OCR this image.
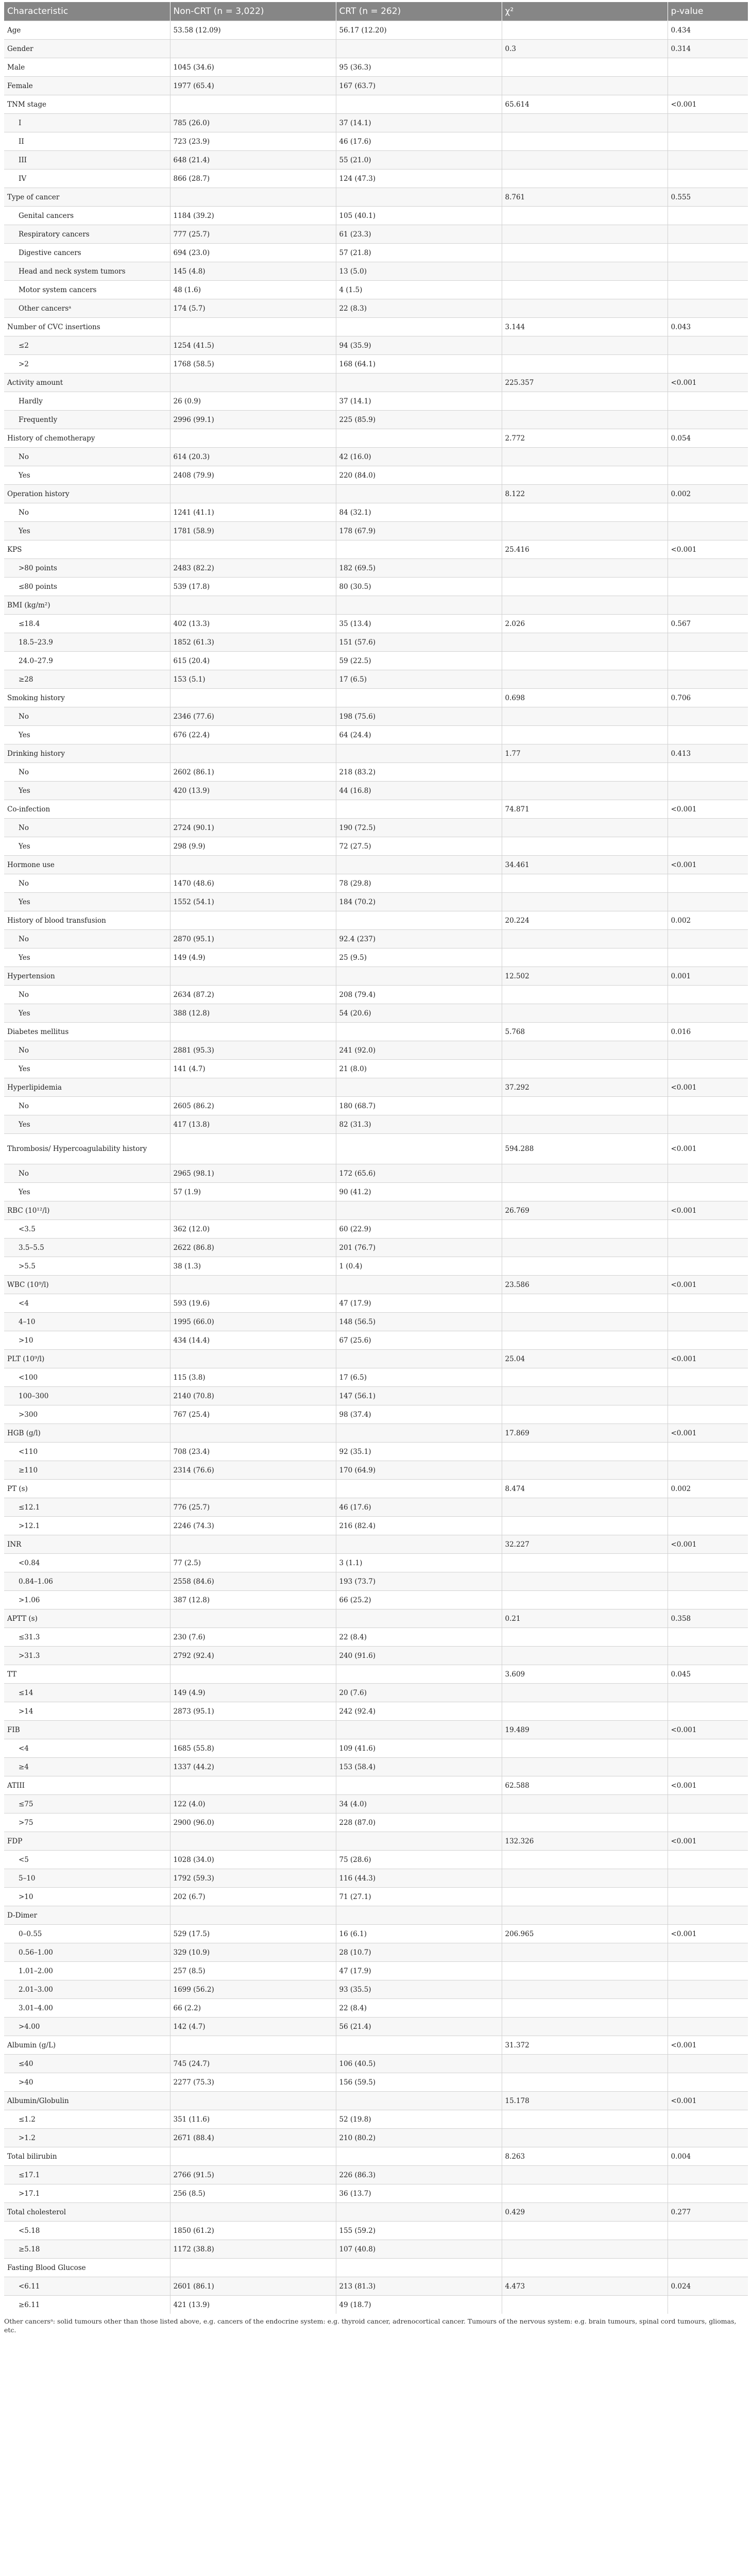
Characteristic	Non-CRT (n = 3,022)	CRT (n = 262)	χ²	p-value
Age	53.58 (12.09)	56.17 (12.20)		0.434
Gender			0.3	0.314
Male	1045 (34.6)	95 (36.3)		
Female	1977 (65.4)	167 (63.7)		
TNM stage			65.614	<0.001
I	785 (26.0)	37 (14.1)		
II	723 (23.9)	46 (17.6)		
III	648 (21.4)	55 (21.0)		
IV	866 (28.7)	124 (47.3)		
Type of cancer			8.761	0.555
Genital cancers	1184 (39.2)	105 (40.1)		
Respiratory cancers	777 (25.7)	61 (23.3)		
Digestive cancers	694 (23.0)	57 (21.8)		
Head and neck system tumors	145 (4.8)	13 (5.0)		
Motor system cancers	48 (1.6)	4 (1.5)		
Other cancersᵃ	174 (5.7)	22 (8.3)		
Number of CVC insertions			3.144	0.043
≤2	1254 (41.5)	94 (35.9)		
>2	1768 (58.5)	168 (64.1)		
Activity amount			225.357	<0.001
Hardly	26 (0.9)	37 (14.1)		
Frequently	2996 (99.1)	225 (85.9)		
History of chemotherapy			2.772	0.054
No	614 (20.3)	42 (16.0)		
Yes	2408 (79.9)	220 (84.0)		
Operation history			8.122	0.002
No	1241 (41.1)	84 (32.1)		
Yes	1781 (58.9)	178 (67.9)		
KPS			25.416	<0.001
>80 points	2483 (82.2)	182 (69.5)		
≤80 points	539 (17.8)	80 (30.5)		
BMI (kg/m²)				
≤18.4	402 (13.3)	35 (13.4)	2.026	0.567
18.5–23.9	1852 (61.3)	151 (57.6)		
24.0–27.9	615 (20.4)	59 (22.5)		
≥28	153 (5.1)	17 (6.5)		
Smoking history			0.698	0.706
No	2346 (77.6)	198 (75.6)		
Yes	676 (22.4)	64 (24.4)		
Drinking history			1.77	0.413
No	2602 (86.1)	218 (83.2)		
Yes	420 (13.9)	44 (16.8)		
Co-infection			74.871	<0.001
No	2724 (90.1)	190 (72.5)		
Yes	298 (9.9)	72 (27.5)		
Hormone use			34.461	<0.001
No	1470 (48.6)	78 (29.8)		
Yes	1552 (54.1)	184 (70.2)		
History of blood transfusion			20.224	0.002
No	2870 (95.1)	92.4 (237)		
Yes	149 (4.9)	25 (9.5)		
Hypertension			12.502	0.001
No	2634 (87.2)	208 (79.4)		
Yes	388 (12.8)	54 (20.6)		
Diabetes mellitus			5.768	0.016
No	2881 (95.3)	241 (92.0)		
Yes	141 (4.7)	21 (8.0)		
Hyperlipidemia			37.292	<0.001
No	2605 (86.2)	180 (68.7)		
Yes	417 (13.8)	82 (31.3)		
Thrombosis/ Hypercoagulability history			594.288	<0.001
No	2965 (98.1)	172 (65.6)		
Yes	57 (1.9)	90 (41.2)		
RBC (10¹²/l)			26.769	<0.001
<3.5	362 (12.0)	60 (22.9)		
3.5–5.5	2622 (86.8)	201 (76.7)		
>5.5	38 (1.3)	1 (0.4)		
WBC (10⁹/l)			23.586	<0.001
<4	593 (19.6)	47 (17.9)		
4–10	1995 (66.0)	148 (56.5)		
>10	434 (14.4)	67 (25.6)		
PLT (10⁹/l)			25.04	<0.001
<100	115 (3.8)	17 (6.5)		
100–300	2140 (70.8)	147 (56.1)		
>300	767 (25.4)	98 (37.4)		
HGB (g/l)			17.869	<0.001
<110	708 (23.4)	92 (35.1)		
≥110	2314 (76.6)	170 (64.9)		
PT (s)			8.474	0.002
≤12.1	776 (25.7)	46 (17.6)		
>12.1	2246 (74.3)	216 (82.4)		
INR			32.227	<0.001
<0.84	77 (2.5)	3 (1.1)		
0.84–1.06	2558 (84.6)	193 (73.7)		
>1.06	387 (12.8)	66 (25.2)		
APTT (s)			0.21	0.358
≤31.3	230 (7.6)	22 (8.4)		
>31.3	2792 (92.4)	240 (91.6)		
TT			3.609	0.045
≤14	149 (4.9)	20 (7.6)		
>14	2873 (95.1)	242 (92.4)		
FIB			19.489	<0.001
<4	1685 (55.8)	109 (41.6)		
≥4	1337 (44.2)	153 (58.4)		
ATIII			62.588	<0.001
≤75	122 (4.0)	34 (4.0)		
>75	2900 (96.0)	228 (87.0)		
FDP			132.326	<0.001
<5	1028 (34.0)	75 (28.6)		
5–10	1792 (59.3)	116 (44.3)		
>10	202 (6.7)	71 (27.1)		
D-Dimer				
0–0.55	529 (17.5)	16 (6.1)	206.965	<0.001
0.56–1.00	329 (10.9)	28 (10.7)		
1.01–2.00	257 (8.5)	47 (17.9)		
2.01–3.00	1699 (56.2)	93 (35.5)		
3.01–4.00	66 (2.2)	22 (8.4)		
>4.00	142 (4.7)	56 (21.4)		
Albumin (g/L)			31.372	<0.001
≤40	745 (24.7)	106 (40.5)		
>40	2277 (75.3)	156 (59.5)		
Albumin/Globulin			15.178	<0.001
≤1.2	351 (11.6)	52 (19.8)		
>1.2	2671 (88.4)	210 (80.2)		
Total bilirubin			8.263	0.004
≤17.1	2766 (91.5)	226 (86.3)		
>17.1	256 (8.5)	36 (13.7)		
Total cholesterol			0.429	0.277
<5.18	1850 (61.2)	155 (59.2)		
≥5.18	1172 (38.8)	107 (40.8)		
Fasting Blood Glucose				
<6.11	2601 (86.1)	213 (81.3)	4.473	0.024
≥6.11	421 (13.9)	49 (18.7)		
Other cancersᵃ: solid tumours other than those listed above, e.g. cancers of the endocrine system: e.g. thyroid cancer, adrenocortical cancer. Tumours of the nervous system: e.g. brain tumours, spinal cord tumours, gliomas, etc.
